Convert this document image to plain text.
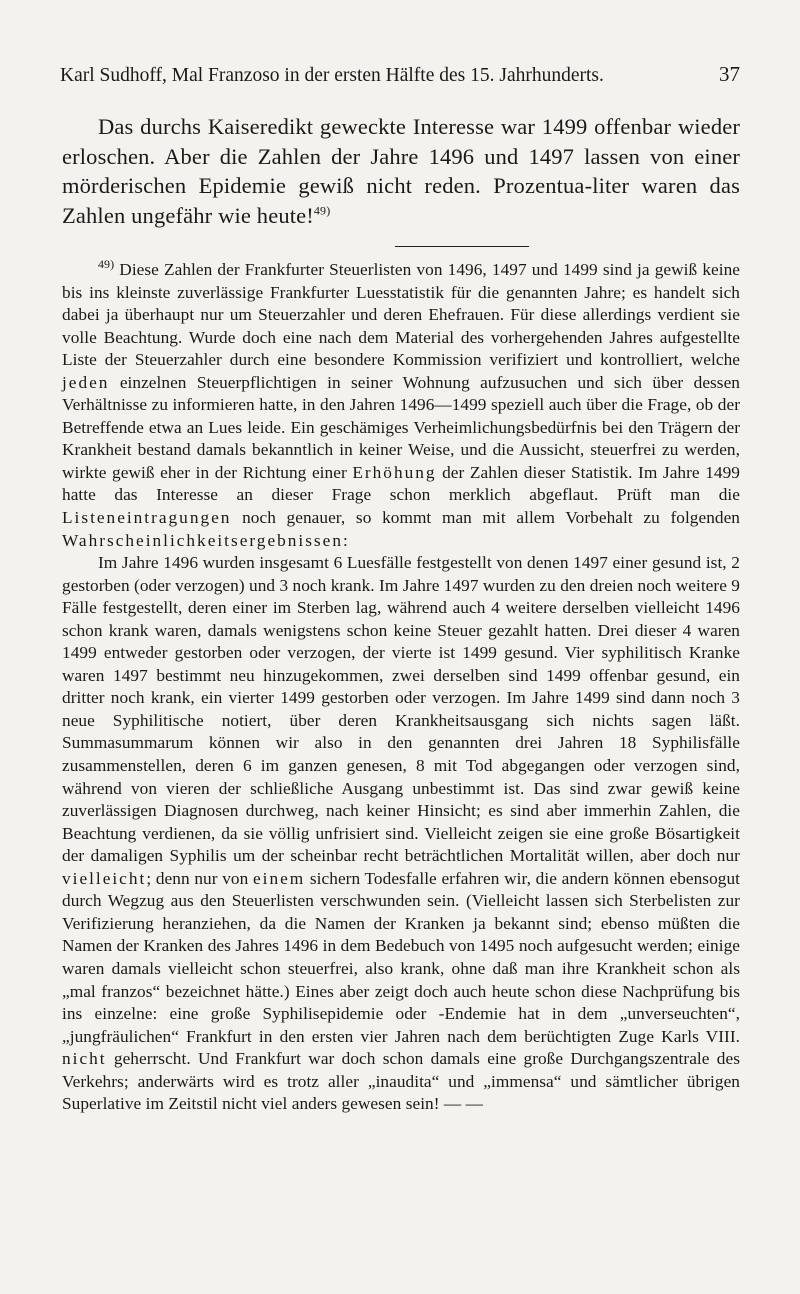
Karl Sudhoff, Mal Franzoso in der ersten Hälfte des 15. Jahrhunderts.	37
Das durchs Kaiseredikt geweckte Interesse war 1499 offenbar wieder erloschen. Aber die Zahlen der Jahre 1496 und 1497 lassen von einer mörderischen Epidemie gewiß nicht reden. Prozentua-liter waren das Zahlen ungefähr wie heute!$^{49)}$

$^{49)}$ Diese Zahlen der Frankfurter Steuerlisten von 1496, 1497 und 1499 sind ja gewiß keine bis ins kleinste zuverlässige Frankfurter Luesstatistik für die genannten Jahre; es handelt sich dabei ja überhaupt nur um Steuerzahler und deren Ehefrauen. Für diese allerdings verdient sie volle Beachtung. Wurde doch eine nach dem Material des vorhergehenden Jahres aufgestellte Liste der Steuerzahler durch eine besondere Kommission verifiziert und kontrolliert, welche jeden einzelnen Steuerpflichtigen in seiner Wohnung aufzusuchen und sich über dessen Verhältnisse zu informieren hatte, in den Jahren 1496—1499 speziell auch über die Frage, ob der Betreffende etwa an Lues leide. Ein geschämiges Verheimlichungsbedürfnis bei den Trägern der Krankheit bestand damals bekanntlich in keiner Weise, und die Aussicht, steuerfrei zu werden, wirkte gewiß eher in der Richtung einer Erhöhung der Zahlen dieser Statistik. Im Jahre 1499 hatte das Interesse an dieser Frage schon merklich abgeflaut. Prüft man die Listeneintragungen noch genauer, so kommt man mit allem Vorbehalt zu folgenden Wahrscheinlichkeitsergebnissen:

Im Jahre 1496 wurden insgesamt 6 Luesfälle festgestellt von denen 1497 einer gesund ist, 2 gestorben (oder verzogen) und 3 noch krank. Im Jahre 1497 wurden zu den dreien noch weitere 9 Fälle festgestellt, deren einer im Sterben lag, während auch 4 weitere derselben vielleicht 1496 schon krank waren, damals wenigstens schon keine Steuer gezahlt hatten. Drei dieser 4 waren 1499 entweder gestorben oder verzogen, der vierte ist 1499 gesund. Vier syphilitisch Kranke waren 1497 bestimmt neu hinzugekommen, zwei derselben sind 1499 offenbar gesund, ein dritter noch krank, ein vierter 1499 gestorben oder verzogen. Im Jahre 1499 sind dann noch 3 neue Syphilitische notiert, über deren Krankheitsausgang sich nichts sagen läßt. Summasummarum können wir also in den genannten drei Jahren 18 Syphilisfälle zusammenstellen, deren 6 im ganzen genesen, 8 mit Tod abgegangen oder verzogen sind, während von vieren der schließliche Ausgang unbestimmt ist. Das sind zwar gewiß keine zuverlässigen Diagnosen durchweg, nach keiner Hinsicht; es sind aber immerhin Zahlen, die Beachtung verdienen, da sie völlig unfrisiert sind. Vielleicht zeigen sie eine große Bösartigkeit der damaligen Syphilis um der scheinbar recht beträchtlichen Mortalität willen, aber doch nur vielleicht; denn nur von einem sichern Todesfalle erfahren wir, die andern können ebensogut durch Wegzug aus den Steuerlisten verschwunden sein. (Vielleicht lassen sich Sterbelisten zur Verifizierung heranziehen, da die Namen der Kranken ja bekannt sind; ebenso müßten die Namen der Kranken des Jahres 1496 in dem Bedebuch von 1495 noch aufgesucht werden; einige waren damals vielleicht schon steuerfrei, also krank, ohne daß man ihre Krankheit schon als „mal franzos“ bezeichnet hätte.) Eines aber zeigt doch auch heute schon diese Nachprüfung bis ins einzelne: eine große Syphilisepidemie oder -Endemie hat in dem „unverseuchten“, „jungfräulichen“ Frankfurt in den ersten vier Jahren nach dem berüchtigten Zuge Karls VIII. nicht geherrscht. Und Frankfurt war doch schon damals eine große Durchgangszentrale des Verkehrs; anderwärts wird es trotz aller „inaudita“ und „immensa“ und sämtlicher übrigen Superlative im Zeitstil nicht viel anders gewesen sein! — —
